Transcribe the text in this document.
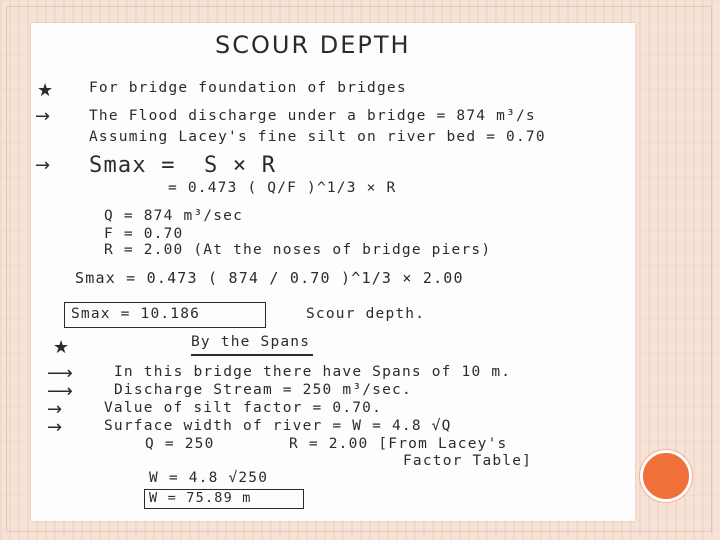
SCOUR DEPTH
★ For bridge foundation of bridges
→	The Flood discharge under a bridge = 874 m³/s
Assuming Lacey's fine silt on river bed = 0.70
→ Smax = S × R
= 0.473 ( Q/F )^1/3 × R
Q = 874 m³/sec
F = 0.70
R = 2.00 (At the noses of bridge piers)
Smax = 0.473 ( 874 / 0.70 )^1/3 × 2.00
Smax = 10.186	Scour depth.
★	By the Spans
⟶	In this bridge there have Spans of 10 m.
⟶	Discharge Stream = 250 m³/sec.
→	Value of silt factor = 0.70.
→	Surface width of river = W = 4.8 √Q
Q = 250	R = 2.00 [From Lacey's
Factor Table]
W = 4.8 √250
W = 75.89 m
